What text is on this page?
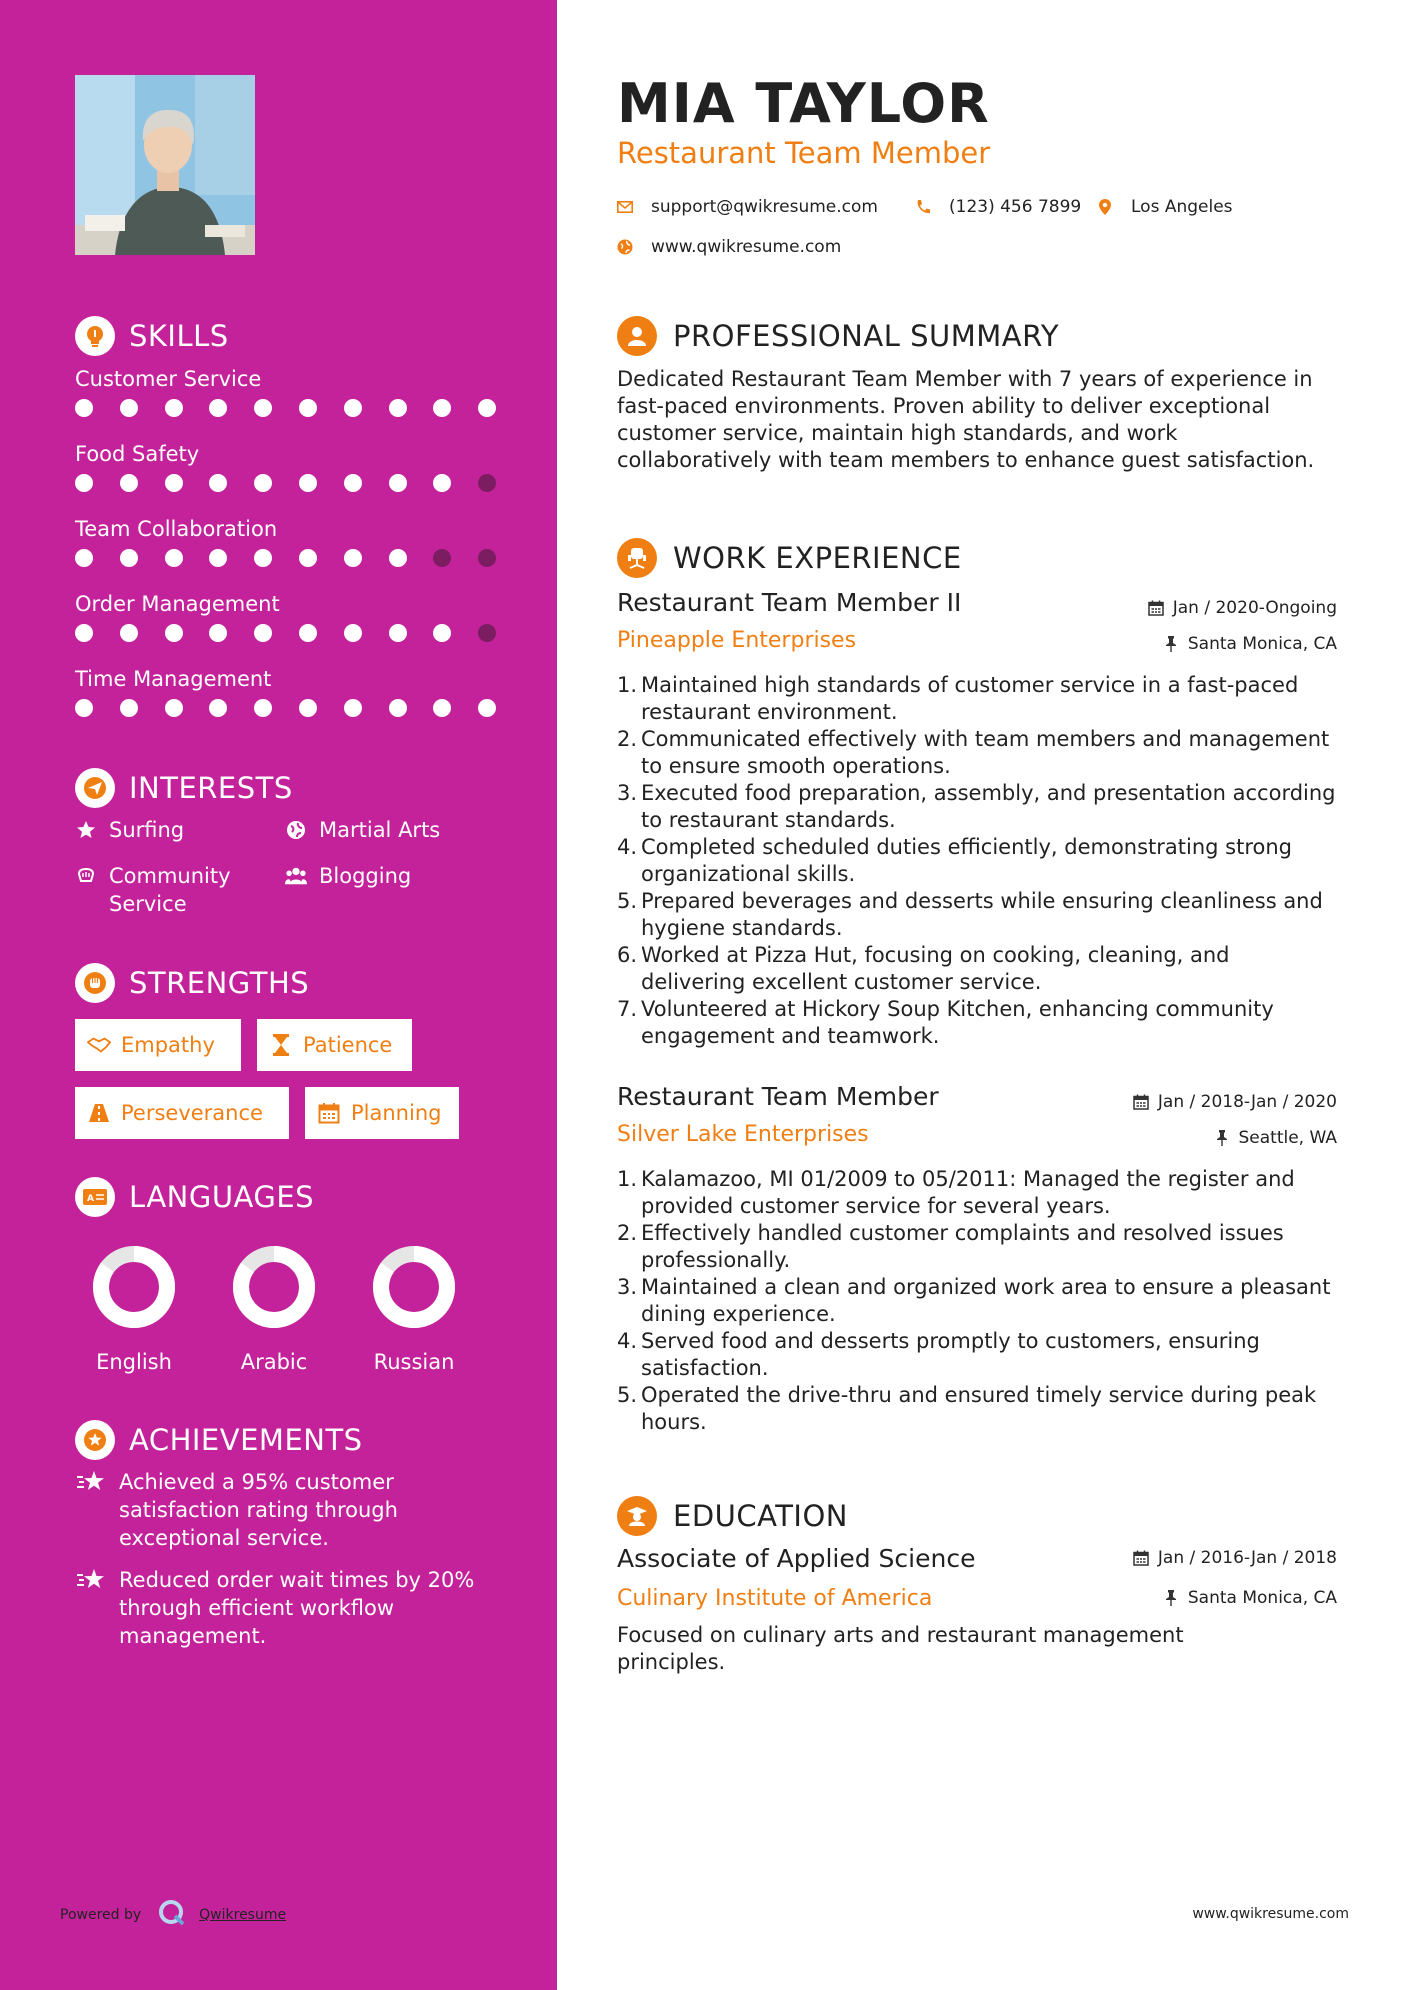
SKILLS
Customer Service
Food Safety
Team Collaboration
Order Management
Time Management
INTERESTS
Surfing	Martial Arts
Community Service
Blogging
STRENGTHS
Empathy	Patience
Perseverance	Planning
A LANGUAGES
English	Arabic	Russian
ACHIEVEMENTS
Achieved a 95% customer satisfaction rating through exceptional service.
Reduced order wait times by 20% through efficient workflow management.
Powered by	Qwikresume
MIA TAYLOR
Restaurant Team Member
support@qwikresume.com	(123) 456 7899	Los Angeles
www.qwikresume.com
PROFESSIONAL SUMMARY
Dedicated Restaurant Team Member with 7 years of experience in fast-paced environments. Proven ability to deliver exceptional customer service, maintain high standards, and work collaboratively with team members to enhance guest satisfaction.
WORK EXPERIENCE
Restaurant Team Member II	Jan / 2020-Ongoing
Pineapple Enterprises	Santa Monica, CA
1. Maintained high standards of customer service in a fast-paced restaurant environment.
2. Communicated effectively with team members and management to ensure smooth operations.
3. Executed food preparation, assembly, and presentation according to restaurant standards.
4. Completed scheduled duties efficiently, demonstrating strong organizational skills.
5. Prepared beverages and desserts while ensuring cleanliness and hygiene standards.
6. Worked at Pizza Hut, focusing on cooking, cleaning, and delivering excellent customer service.
7. Volunteered at Hickory Soup Kitchen, enhancing community engagement and teamwork.
Restaurant Team Member	Jan / 2018-Jan / 2020
Silver Lake Enterprises	Seattle, WA
1. Kalamazoo, MI 01/2009 to 05/2011: Managed the register and provided customer service for several years.
2. Effectively handled customer complaints and resolved issues professionally.
3. Maintained a clean and organized work area to ensure a pleasant dining experience.
4. Served food and desserts promptly to customers, ensuring satisfaction.
5. Operated the drive-thru and ensured timely service during peak hours.
EDUCATION
Associate of Applied Science	Jan / 2016-Jan / 2018
Culinary Institute of America	Santa Monica, CA
Focused on culinary arts and restaurant management principles.
www.qwikresume.com
